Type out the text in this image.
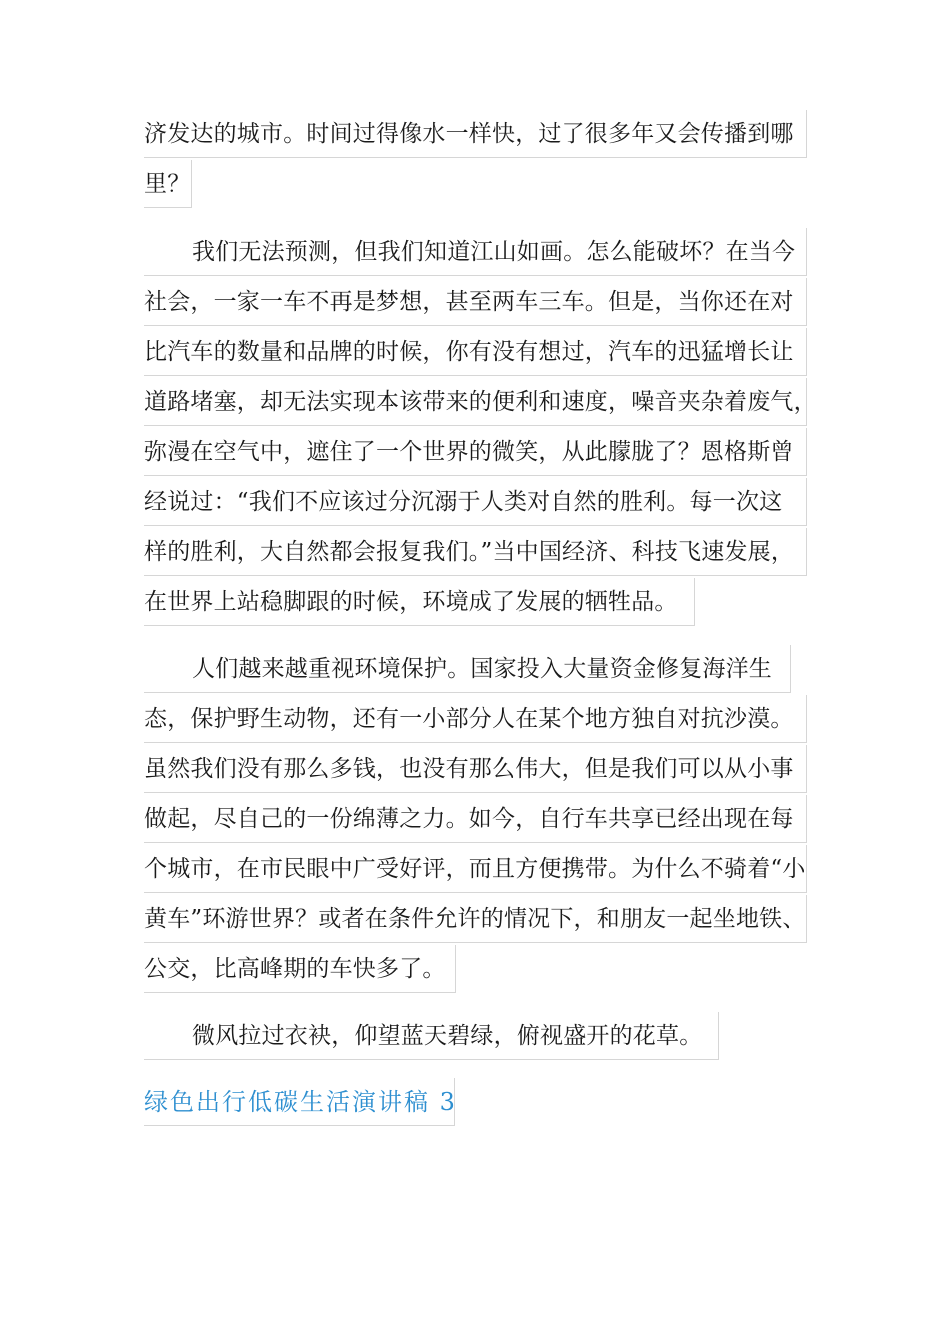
济发达的城市。时间过得像水一样快，过了很多年又会传播到哪
里？
我们无法预测，但我们知道江山如画。怎么能破坏？在当今
社会，一家一车不再是梦想，甚至两车三车。但是，当你还在对
比汽车的数量和品牌的时候，你有没有想过，汽车的迅猛增长让
道路堵塞，却无法实现本该带来的便利和速度，噪音夹杂着废气，
弥漫在空气中，遮住了一个世界的微笑，从此朦胧了？恩格斯曾
经说过：“我们不应该过分沉溺于人类对自然的胜利。每一次这
样的胜利，大自然都会报复我们。”当中国经济、科技飞速发展，
在世界上站稳脚跟的时候，环境成了发展的牺牲品。
人们越来越重视环境保护。国家投入大量资金修复海洋生
态，保护野生动物，还有一小部分人在某个地方独自对抗沙漠。
虽然我们没有那么多钱，也没有那么伟大，但是我们可以从小事
做起，尽自己的一份绵薄之力。如今，自行车共享已经出现在每
个城市，在市民眼中广受好评，而且方便携带。为什么不骑着“小
黄车”环游世界？或者在条件允许的情况下，和朋友一起坐地铁、
公交，比高峰期的车快多了。
微风拉过衣袂，仰望蓝天碧绿，俯视盛开的花草。
绿色出行低碳生活演讲稿 3
